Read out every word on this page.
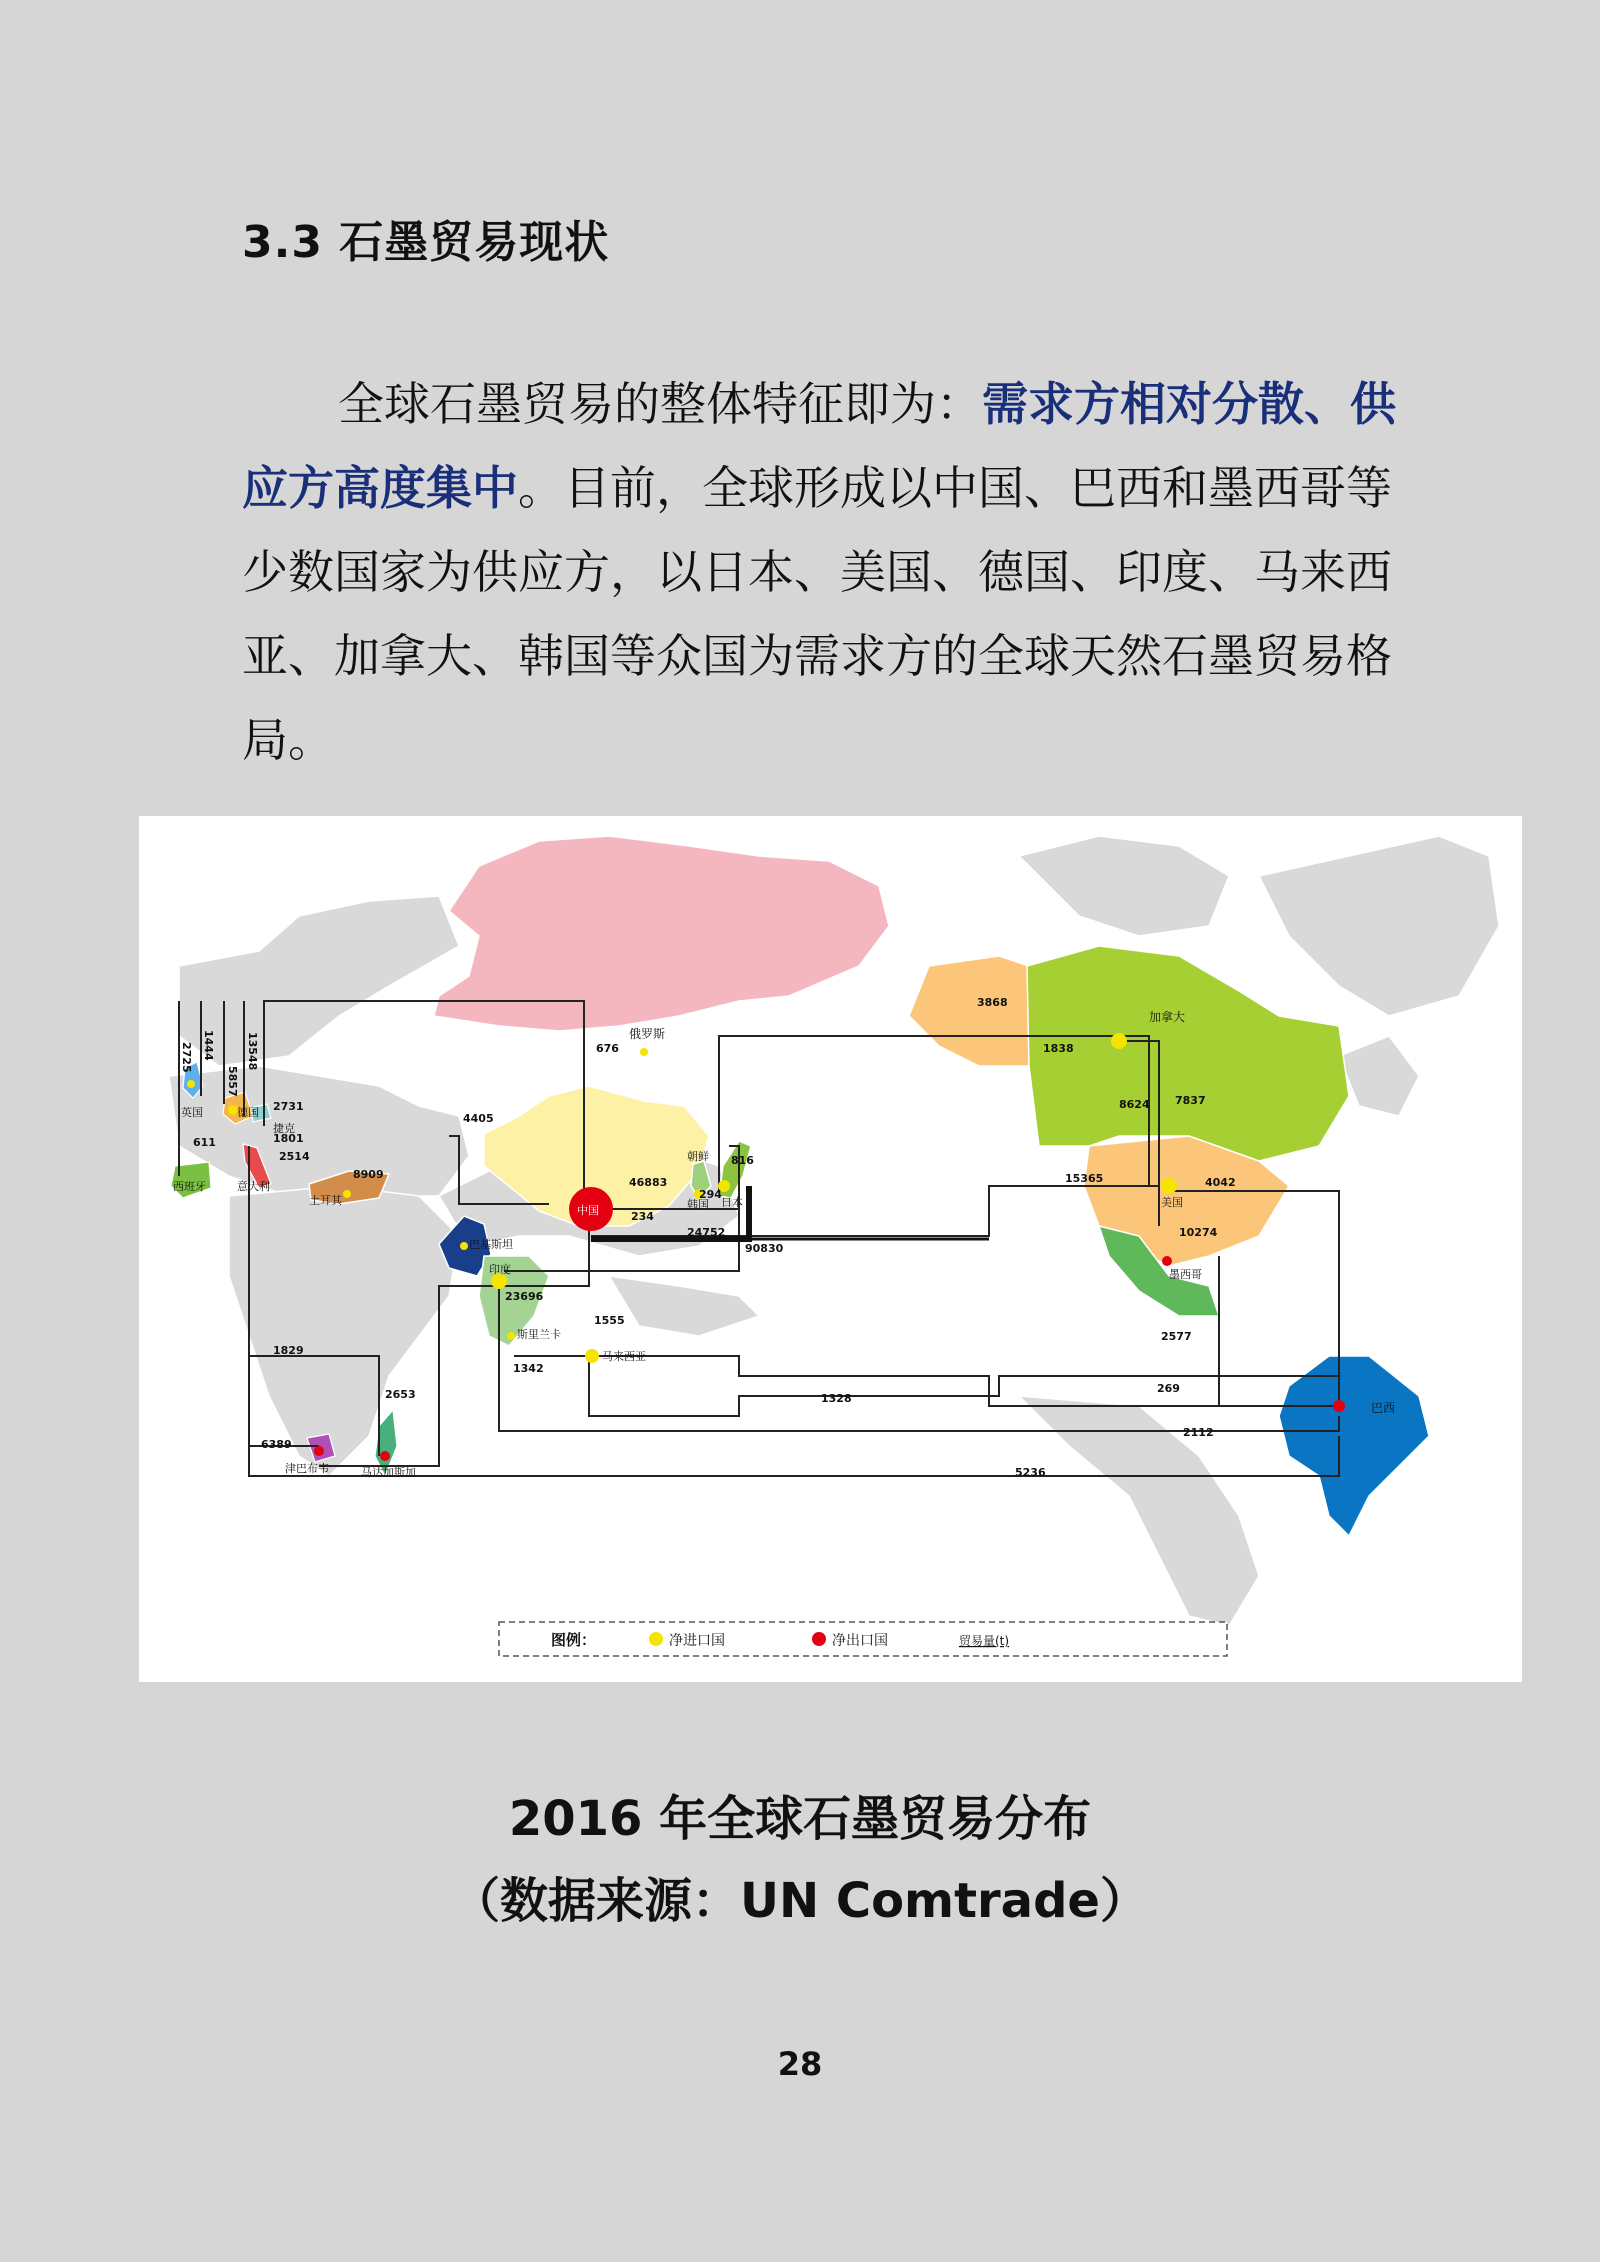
3.3 石墨贸易现状

全球石墨贸易的整体特征即为：需求方相对分散、供应方高度集中。目前，全球形成以中国、巴西和墨西哥等少数国家为供应方，以日本、美国、德国、印度、马来西亚、加拿大、韩国等众国为需求方的全球天然石墨贸易格局。

俄罗斯
中国
朝鲜
韩国 日本
加拿大
美国
墨西哥
巴西
英国	德国
捷克
西班牙	意大利
土耳其
巴基斯坦
印度
斯里兰卡
马来西亚
津巴布韦	马达加斯加
2725 1444
5857
13548
2731
1801
611
2514
8909
4405
676
46883
294
234
24752
816
90830
23696
1555
1342
1829
2653
6389
1328
3868
1838
8624 7837
15365	4042
10274
2577
269
2112
5236
图例：	净进口国	净出口国	贸易量(t)
2016 年全球石墨贸易分布
（数据来源：UN Comtrade）
28
